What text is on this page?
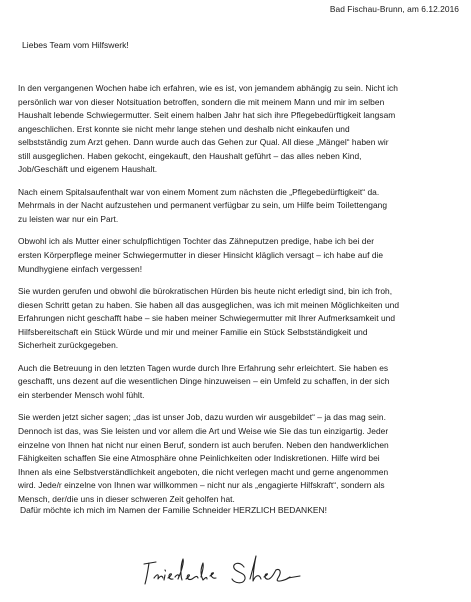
Bad Fischau-Brunn, am 6.12.2016
Liebes Team vom Hilfswerk!

In den vergangenen Wochen habe ich erfahren, wie es ist, von jemandem abhängig zu sein. Nicht ich
persönlich war von dieser Notsituation betroffen, sondern die mit meinem Mann und mir im selben
Haushalt lebende Schwiegermutter. Seit einem halben Jahr hat sich ihre Pflegebedürftigkeit langsam
angeschlichen. Erst konnte sie nicht mehr lange stehen und deshalb nicht einkaufen und
selbstständig zum Arzt gehen. Dann wurde auch das Gehen zur Qual. All diese „Mängel“ haben wir
still ausgeglichen. Haben gekocht, eingekauft, den Haushalt geführt – das alles neben Kind,
Job/Geschäft und eigenem Haushalt.

Nach einem Spitalsaufenthalt war von einem Moment zum nächsten die „Pflegebedürftigkeit“ da.
Mehrmals in der Nacht aufzustehen und permanent verfügbar zu sein, um Hilfe beim Toilettengang
zu leisten war nur ein Part.

Obwohl ich als Mutter einer schulpflichtigen Tochter das Zähneputzen predige, habe ich bei der
ersten Körperpflege meiner Schwiegermutter in dieser Hinsicht kläglich versagt – ich habe auf die
Mundhygiene einfach vergessen!

Sie wurden gerufen und obwohl die bürokratischen Hürden bis heute nicht erledigt sind, bin ich froh,
diesen Schritt getan zu haben. Sie haben all das ausgeglichen, was ich mit meinen Möglichkeiten und
Erfahrungen nicht geschafft habe – sie haben meiner Schwiegermutter mit Ihrer Aufmerksamkeit und
Hilfsbereitschaft ein Stück Würde und mir und meiner Familie ein Stück Selbstständigkeit und
Sicherheit zurückgegeben.

Auch die Betreuung in den letzten Tagen wurde durch Ihre Erfahrung sehr erleichtert. Sie haben es
geschafft, uns dezent auf die wesentlichen Dinge hinzuweisen – ein Umfeld zu schaffen, in der sich
ein sterbender Mensch wohl fühlt.

Sie werden jetzt sicher sagen; „das ist unser Job, dazu wurden wir ausgebildet“ – ja das mag sein.
Dennoch ist das, was Sie leisten und vor allem die Art und Weise wie Sie das tun einzigartig. Jeder
einzelne von Ihnen hat nicht nur einen Beruf, sondern ist auch berufen. Neben den handwerklichen
Fähigkeiten schaffen Sie eine Atmosphäre ohne Peinlichkeiten oder Indiskretionen. Hilfe wird bei
Ihnen als eine Selbstverständlichkeit angeboten, die nicht verlegen macht und gerne angenommen
wird. Jede/r einzelne von Ihnen war willkommen – nicht nur als „engagierte Hilfskraft“, sondern als
Mensch, der/die uns in dieser schweren Zeit geholfen hat.

Dafür möchte ich mich im Namen der Familie Schneider HERZLICH BEDANKEN!
